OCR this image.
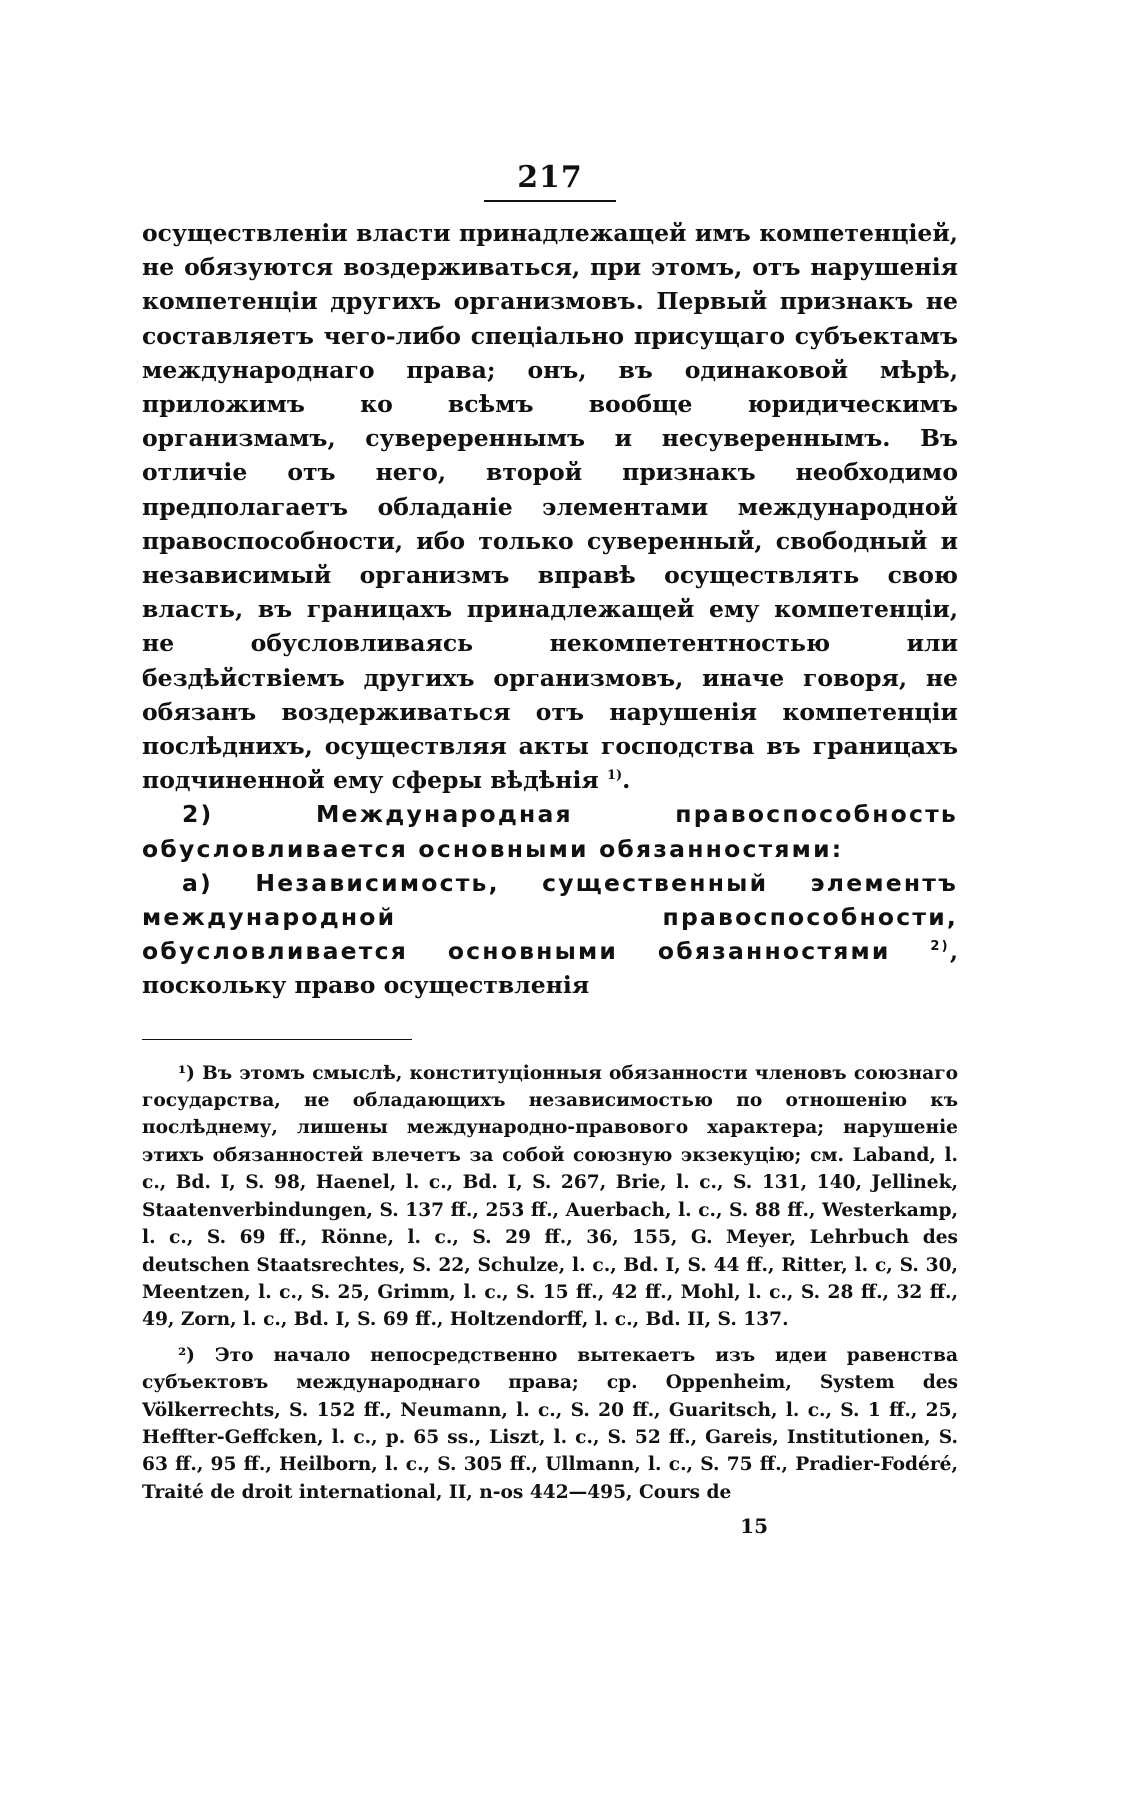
217

осуществленіи власти принадлежащей имъ компетенціей, не обязуются воздерживаться, при этомъ, отъ нарушенія компетенціи другихъ организмовъ. Первый признакъ не составляетъ чего-либо спеціально присущаго субъектамъ международнаго права; онъ, въ одинаковой мѣрѣ, приложимъ ко всѣмъ вообще юридическимъ организмамъ, суверереннымъ и несувереннымъ. Въ отличіе отъ него, второй признакъ необходимо предполагаетъ обладаніе элементами международной правоспособности, ибо только суверенный, свободный и независимый организмъ вправѣ осуществлять свою власть, въ границахъ принадлежащей ему компетенціи, не обусловливаясь некомпетентностью или бездѣйствіемъ другихъ организмовъ, иначе говоря, не обязанъ воздерживаться отъ нарушенія компетенціи послѣднихъ, осуществляя акты господства въ границахъ подчиненной ему сферы вѣдѣнія $^{1)}$.

2) Международная правоспособность обусловливается основными обязанностями:

a) Независимость, существенный элементъ международной правоспособности, обусловливается основными обязанностями	$^{2)}$, поскольку право осуществленія

¹) Въ этомъ смыслѣ, конституціонныя обязанности членовъ союзнаго государства, не обладающихъ независимостью по отношенію къ послѣднему, лишены международно-правового характера; нарушеніе этихъ обязанностей влечетъ за собой союзную экзекуцію; см. Laband, l. c., Bd. I, S. 98, Haenel, l. c., Bd. I, S. 267, Brie, l. c., S. 131, 140, Jellinek, Staatenverbindungen, S. 137 ff., 253 ff., Auerbach, l. c., S. 88 ff., Westerkamp, l. c., S. 69 ff., Rönne, l. c., S. 29 ff., 36, 155, G. Meyer, Lehrbuch des deutschen Staatsrechtes, S. 22, Schulze, l. c., Bd. I, S. 44 ff., Ritter, l. c, S. 30, Meentzen, l. c., S. 25, Grimm, l. c., S. 15 ff., 42 ff., Mohl, l. c., S. 28 ff., 32 ff., 49, Zorn, l. c., Bd. I, S. 69 ff., Holtzendorff, l. c., Bd. II, S. 137.

²) Это начало непосредственно вытекаетъ изъ идеи равенства субъектовъ международнаго права; ср. Oppenheim, System des Völkerrechts, S. 152 ff., Neumann, l. c., S. 20 ff., Guaritsch, l. c., S. 1 ff., 25, Heffter-Geffcken, l. c., p. 65 ss., Liszt, l. c., S. 52 ff., Gareis, Institutionen, S. 63 ff., 95 ff., Heilborn, l. c., S. 305 ff., Ullmann, l. c., S. 75 ff., Pradier-Fodéré, Traité de droit international, II, n-os 442—495, Cours de

15
